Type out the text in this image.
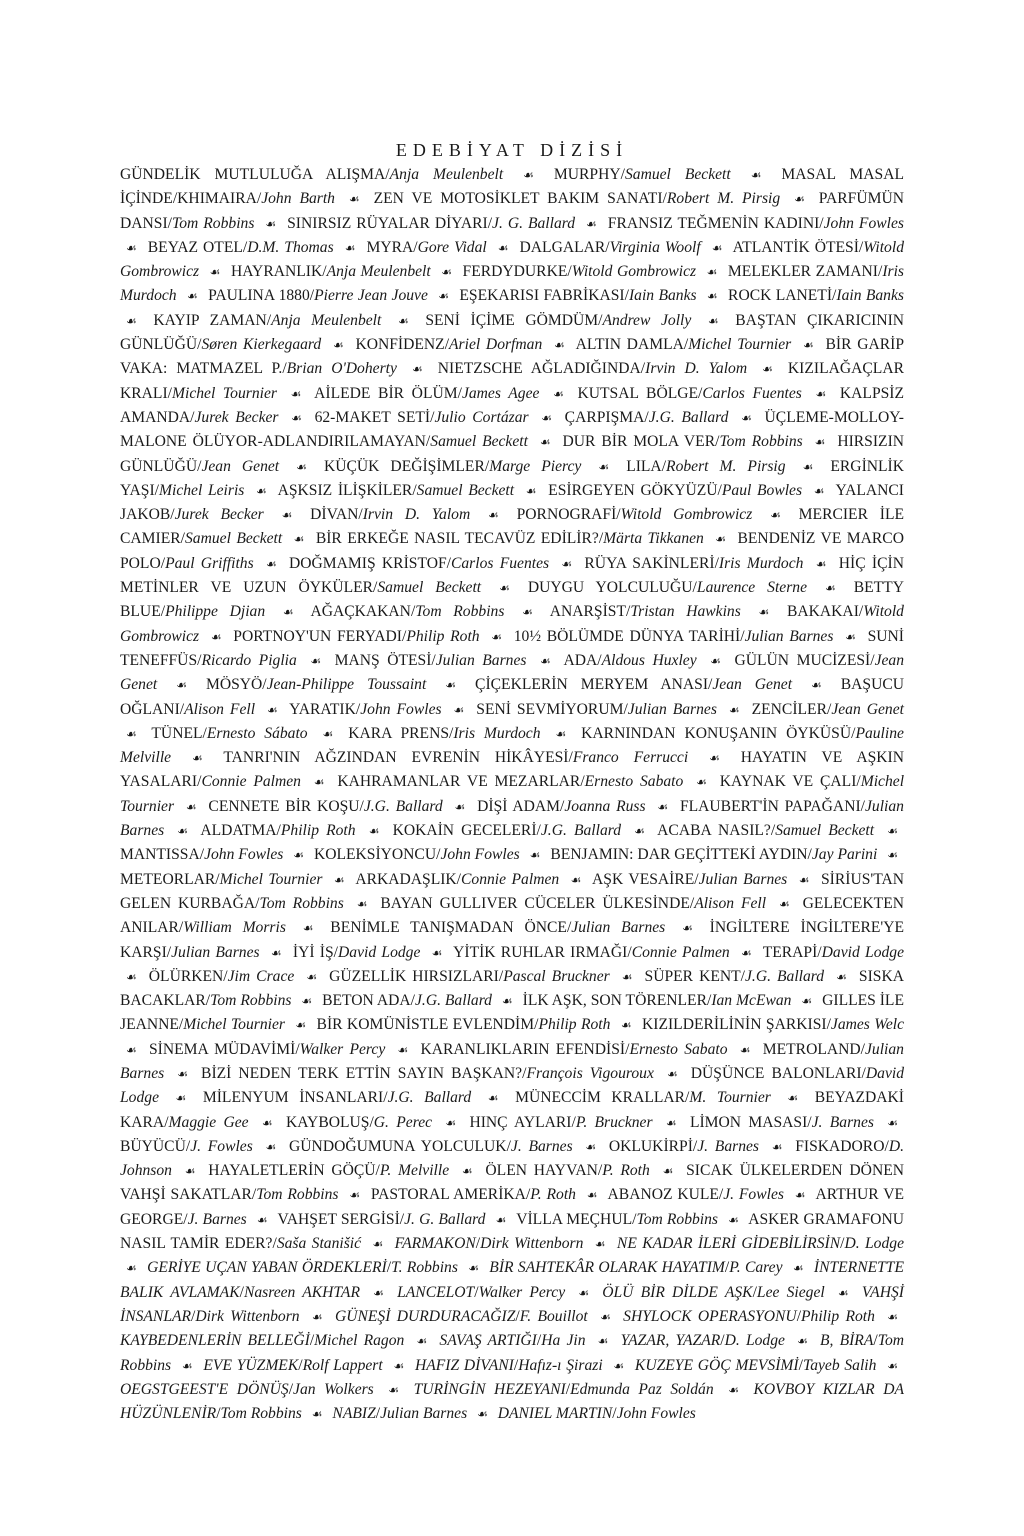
EDEBİYAT DİZİSİ

GÜNDELİK MUTLULUĞA ALIŞMA/Anja Meulenbelt ☙ MURPHY/Samuel Beckett ☙ MASAL MASAL İÇİNDE/KHIMAIRA/John Barth ☙ ZEN VE MOTOSİKLET BAKIM SANATI/Robert M. Pirsig ☙ PARFÜMÜN DANSI/Tom Robbins ☙ SINIRSIZ RÜYALAR DİYARI/J. G. Ballard ☙ FRANSIZ TEĞMENİN KADINI/John Fowles ☙ BEYAZ OTEL/D.M. Thomas ☙ MYRA/Gore Vidal ☙ DALGALAR/Virginia Woolf ☙ ATLANTİK ÖTESİ/Witold Gombrowicz ☙ HAYRANLIK/Anja Meulenbelt ☙ FERDYDURKE/Witold Gombrowicz ☙ MELEKLER ZAMANI/Iris Murdoch ☙ PAULINA 1880/Pierre Jean Jouve ☙ EŞEKARISI FABRİKASI/Iain Banks ☙ ROCK LANETİ/Iain Banks ☙ KAYIP ZAMAN/Anja Meulenbelt ☙ SENİ İÇİME GÖMDÜM/Andrew Jolly ☙ BAŞTAN ÇIKARICININ GÜNLÜĞÜ/Søren Kierkegaard ☙ KONFİDENZ/Ariel Dorfman ☙ ALTIN DAMLA/Michel Tournier ☙ BİR GARİP VAKA: MATMAZEL P./Brian O'Doherty ☙ NIETZSCHE AĞLADIĞINDA/Irvin D. Yalom ☙ KIZILAĞAÇLAR KRALI/Michel Tournier ☙ AİLEDE BİR ÖLÜM/James Agee ☙ KUTSAL BÖLGE/Carlos Fuentes ☙ KALPSİZ AMANDA/Jurek Becker ☙ 62-MAKET SETİ/Julio Cortázar ☙ ÇARPIŞMA/J.G. Ballard ☙ ÜÇLEME-MOLLOY-MALONE ÖLÜYOR-ADLANDIRILAMAYAN/Samuel Beckett ☙ DUR BİR MOLA VER/Tom Robbins ☙ HIRSIZIN GÜNLÜĞÜ/Jean Genet ☙ KÜÇÜK DEĞİŞİMLER/Marge Piercy ☙ LILA/Robert M. Pirsig ☙ ERGİNLİK YAŞI/Michel Leiris ☙ AŞKSIZ İLİŞKİLER/Samuel Beckett ☙ ESİRGEYEN GÖKYÜZÜ/Paul Bowles ☙ YALANCI JAKOB/Jurek Becker ☙ DİVAN/Irvin D. Yalom ☙ PORNOGRAFİ/Witold Gombrowicz ☙ MERCIER İLE CAMIER/Samuel Beckett ☙ BİR ERKEĞE NASIL TECAVÜZ EDİLİR?/Märta Tikkanen ☙ BENDENİZ VE MARCO POLO/Paul Griffiths ☙ DOĞMAMIŞ KRİSTOF/Carlos Fuentes ☙ RÜYA SAKİNLERİ/Iris Murdoch ☙ HİÇ İÇİN METİNLER VE UZUN ÖYKÜLER/Samuel Beckett ☙ DUYGU YOLCULUĞU/Laurence Sterne ☙ BETTY BLUE/Philippe Djian ☙ AĞAÇKAKAN/Tom Robbins ☙ ANARŞİST/Tristan Hawkins ☙ BAKAKAI/Witold Gombrowicz ☙ PORTNOY'UN FERYADI/Philip Roth ☙ 10½ BÖLÜMDE DÜNYA TARİHİ/Julian Barnes ☙ SUNİ TENEFFÜS/Ricardo Piglia ☙ MANŞ ÖTESİ/Julian Barnes ☙ ADA/Aldous Huxley ☙ GÜLÜN MUCİZESİ/Jean Genet ☙ MÖSYÖ/Jean-Philippe Toussaint ☙ ÇİÇEKLERİN MERYEM ANASI/Jean Genet ☙ BAŞUCU OĞLANI/Alison Fell ☙ YARATIK/John Fowles ☙ SENİ SEVMİYORUM/Julian Barnes ☙ ZENCİLER/Jean Genet ☙ TÜNEL/Ernesto Sábato ☙ KARA PRENS/Iris Murdoch ☙ KARNINDAN KONUŞANIN ÖYKÜSÜ/Pauline Melville ☙ TANRI'NIN AĞZINDAN EVRENİN HİKÂYESİ/Franco Ferrucci ☙ HAYATIN VE AŞKIN YASALARI/Connie Palmen ☙ KAHRAMANLAR VE MEZARLAR/Ernesto Sabato ☙ KAYNAK VE ÇALI/Michel Tournier ☙ CENNETE BİR KOŞU/J.G. Ballard ☙ DİŞİ ADAM/Joanna Russ ☙ FLAUBERT'İN PAPAĞANI/Julian Barnes ☙ ALDATMA/Philip Roth ☙ KOKAİN GECELERİ/J.G. Ballard ☙ ACABA NASIL?/Samuel Beckett ☙ MANTISSA/John Fowles ☙ KOLEKSİYONCU/John Fowles ☙ BENJAMIN: DAR GEÇİTTEKİ AYDIN/Jay Parini ☙ METEORLAR/Michel Tournier ☙ ARKADAŞLIK/Connie Palmen ☙ AŞK VESAİRE/Julian Barnes ☙ SİRİUS'TAN GELEN KURBAĞA/Tom Robbins ☙ BAYAN GULLIVER CÜCELER ÜLKESİNDE/Alison Fell ☙ GELECEKTEN ANILAR/William Morris ☙ BENİMLE TANIŞMADAN ÖNCE/Julian Barnes ☙ İNGİLTERE İNGİLTERE'YE KARŞI/Julian Barnes ☙ İYİ İŞ/David Lodge ☙ YİTİK RUHLAR IRMAĞI/Connie Palmen ☙ TERAPİ/David Lodge ☙ ÖLÜRKEN/Jim Crace ☙ GÜZELLİK HIRSIZLARI/Pascal Bruckner ☙ SÜPER KENT/J.G. Ballard ☙ SISKA BACAKLAR/Tom Robbins ☙ BETON ADA/J.G. Ballard ☙ İLK AŞK, SON TÖRENLER/Ian McEwan ☙ GILLES İLE JEANNE/Michel Tournier ☙ BİR KOMÜNİSTLE EVLENDİM/Philip Roth ☙ KIZILDERİLİNİN ŞARKISI/James Welc ☙ SİNEMA MÜDAVİMİ/Walker Percy ☙ KARANLIKLARIN EFENDİSİ/Ernesto Sabato ☙ METROLAND/Julian Barnes ☙ BİZİ NEDEN TERK ETTİN SAYIN BAŞKAN?/François Vigouroux ☙ DÜŞÜNCE BALONLARI/David Lodge ☙ MİLENYUM İNSANLARI/J.G. Ballard ☙ MÜNECCİM KRALLAR/M. Tournier ☙ BEYAZDAKİ KARA/Maggie Gee ☙ KAYBOLUŞ/G. Perec ☙ HINÇ AYLARI/P. Bruckner ☙ LİMON MASASI/J. Barnes ☙ BÜYÜCÜ/J. Fowles ☙ GÜNDOĞUMUNA YOLCULUK/J. Barnes ☙ OKLUKİRPİ/J. Barnes ☙ FISKADORO/D. Johnson ☙ HAYALETLERİN GÖÇÜ/P. Melville ☙ ÖLEN HAYVAN/P. Roth ☙ SICAK ÜLKELERDEN DÖNEN VAHŞİ SAKATLAR/Tom Robbins ☙ PASTORAL AMERİKA/P. Roth ☙ ABANOZ KULE/J. Fowles ☙ ARTHUR VE GEORGE/J. Barnes ☙ VAHŞET SERGİSİ/J. G. Ballard ☙ VİLLA MEÇHUL/Tom Robbins ☙ ASKER GRAMAFONU NASIL TAMİR EDER?/Saša Stanišić ☙ FARMAKON/Dirk Wittenborn ☙ NE KADAR İLERİ GİDEBİLİRSİN/D. Lodge ☙ GERİYE UÇAN YABAN ÖRDEKLERİ/T. Robbins ☙ BİR SAHTEKÂR OLARAK HAYATIM/P. Carey ☙ İNTERNETTE BALIK AVLAMAK/Nasreen AKHTAR ☙ LANCELOT/Walker Percy ☙ ÖLÜ BİR DİLDE AŞK/Lee Siegel ☙ VAHŞİ İNSANLAR/Dirk Wittenborn ☙ GÜNEŞİ DURDURACAĞIZ/F. Bouillot ☙ SHYLOCK OPERASYONU/Philip Roth ☙ KAYBEDENLERİN BELLEĞİ/Michel Ragon ☙ SAVAŞ ARTIĞI/Ha Jin ☙ YAZAR, YAZAR/D. Lodge ☙ B, BİRA/Tom Robbins ☙ EVE YÜZMEK/Rolf Lappert ☙ HAFIZ DİVANI/Hafız-ı Şirazi ☙ KUZEYE GÖÇ MEVSİMİ/Tayeb Salih ☙ OEGSTGEEST'E DÖNÜŞ/Jan Wolkers ☙ TURİNGİN HEZEYANI/Edmunda Paz Soldán ☙ KOVBOY KIZLAR DA HÜZÜNLENİR/Tom Robbins ☙ NABIZ/Julian Barnes ☙ DANIEL MARTIN/John Fowles
